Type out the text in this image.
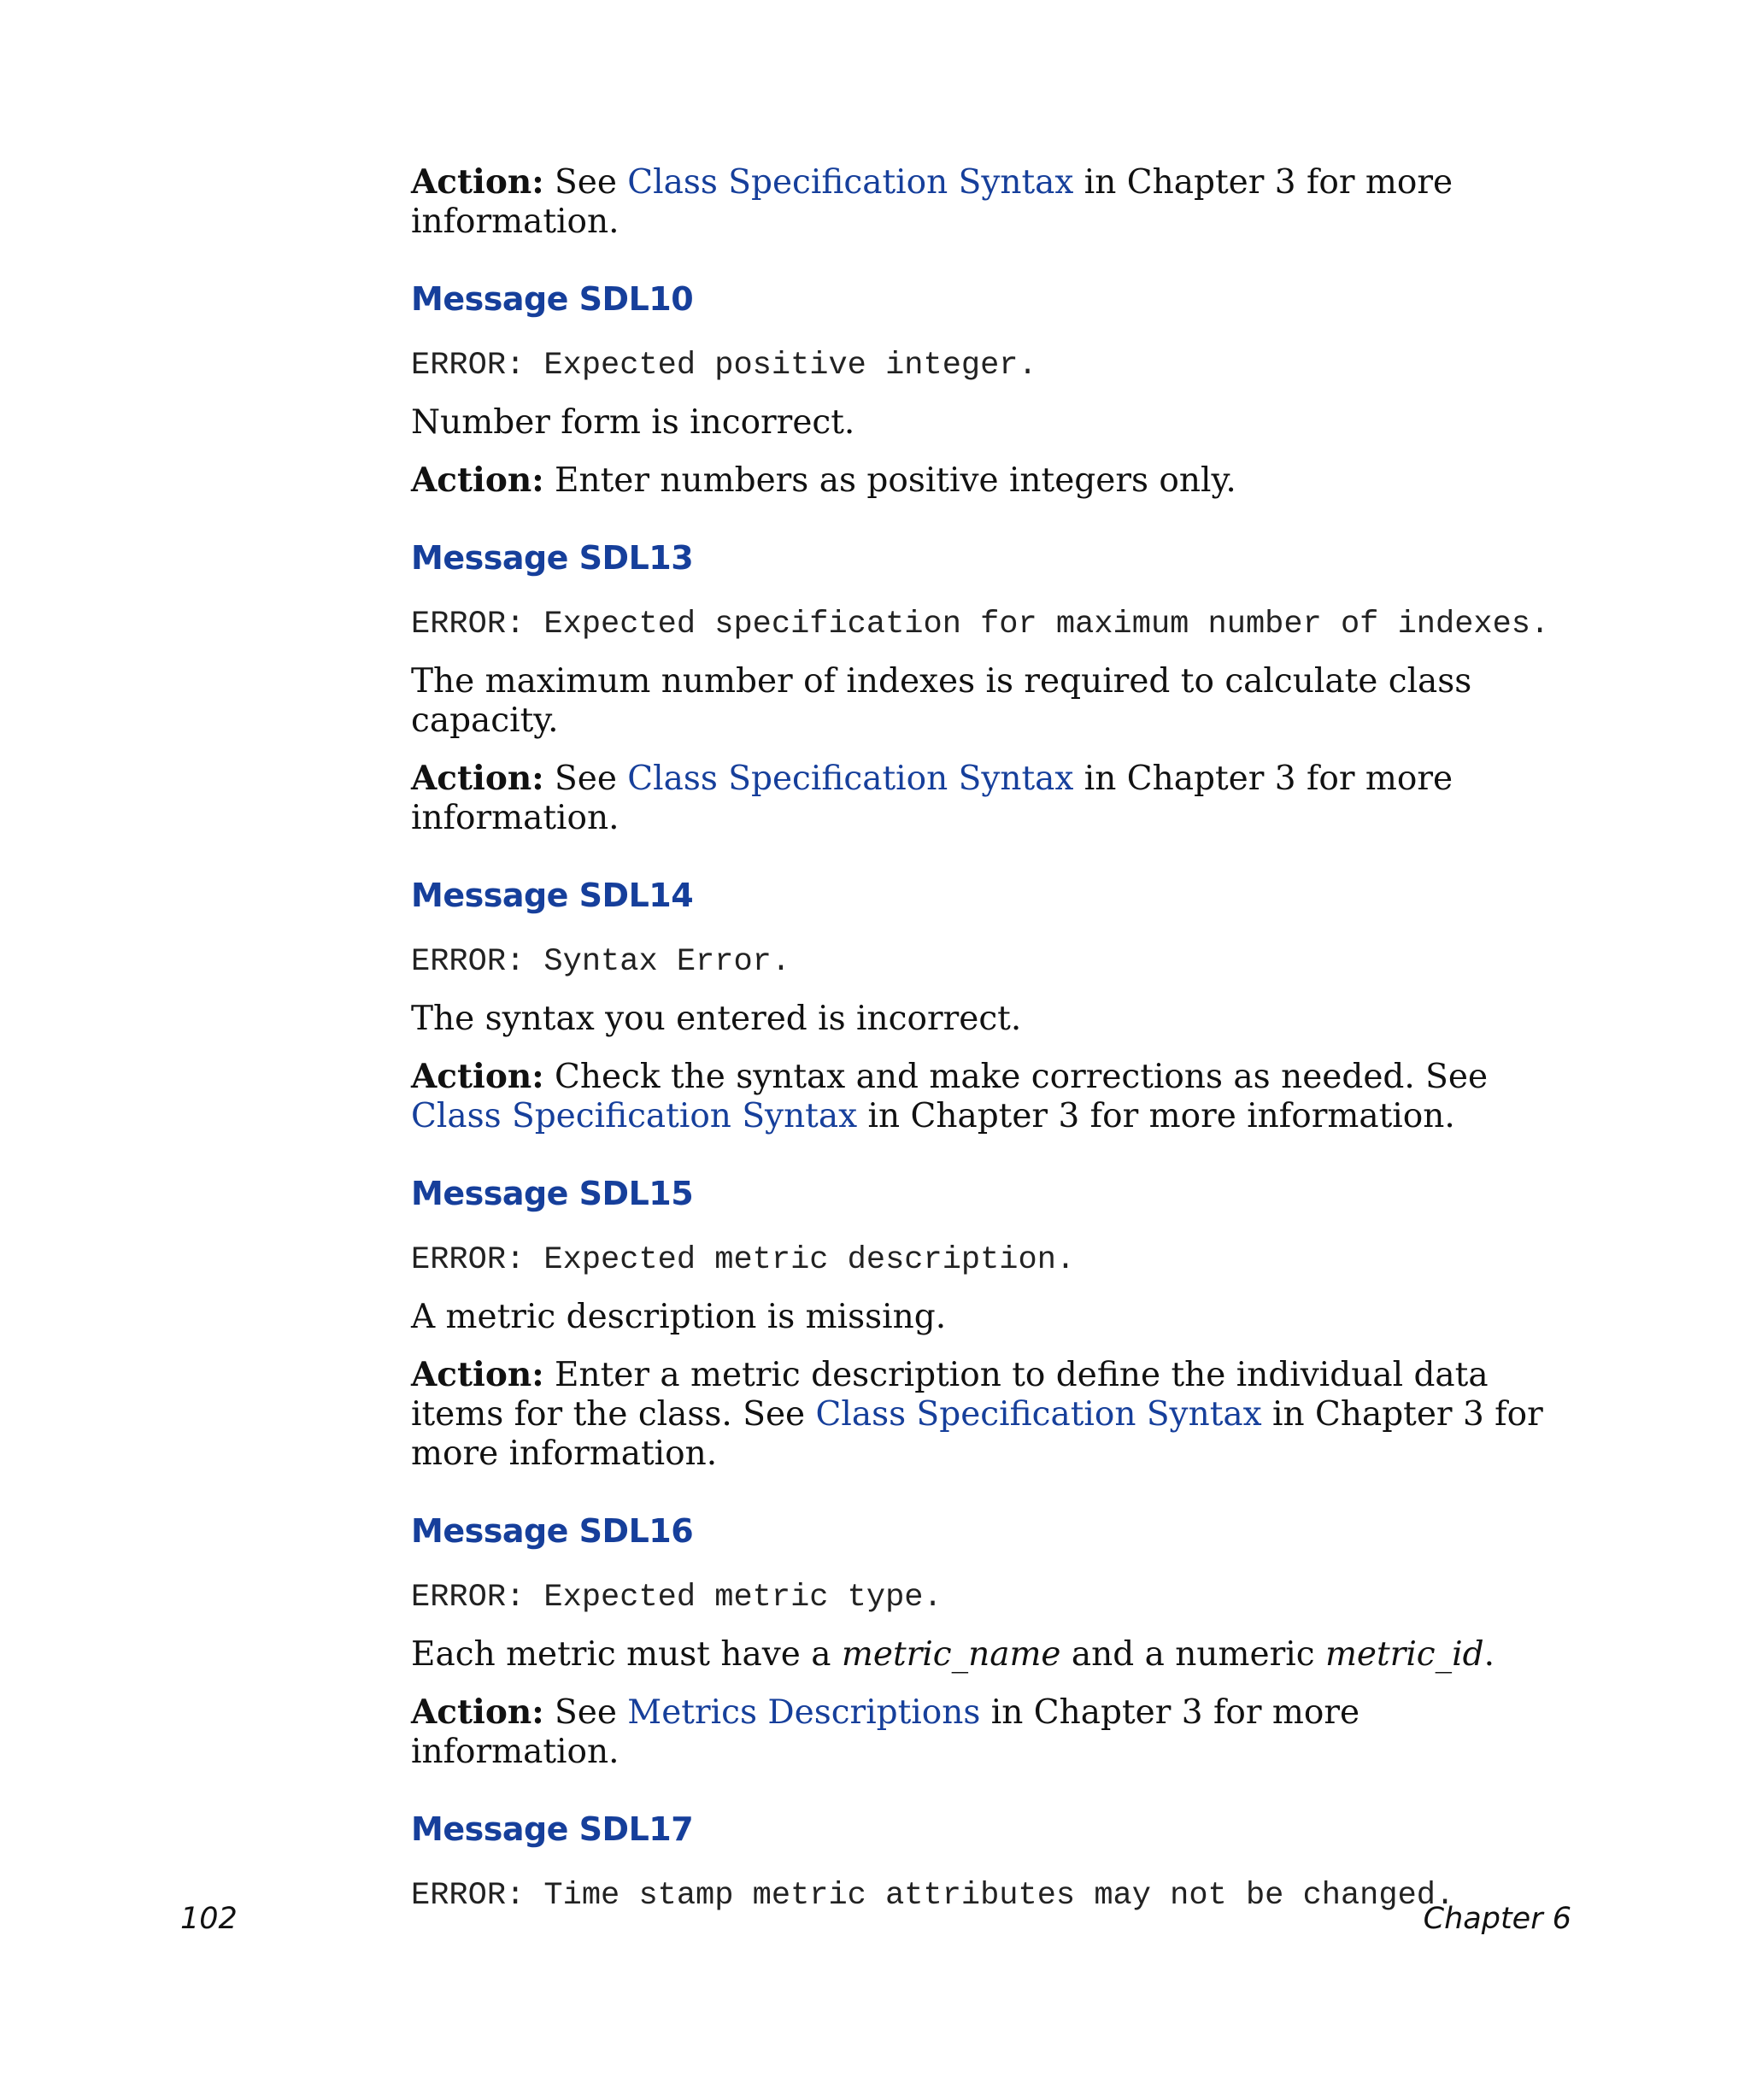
Action: See Class Specification Syntax in Chapter 3 for more information.

Message SDL10

ERROR: Expected positive integer.

Number form is incorrect.

Action: Enter numbers as positive integers only.

Message SDL13

ERROR: Expected specification for maximum number of indexes.

The maximum number of indexes is required to calculate class capacity.

Action: See Class Specification Syntax in Chapter 3 for more information.

Message SDL14

ERROR: Syntax Error.

The syntax you entered is incorrect.

Action: Check the syntax and make corrections as needed. See Class Specification Syntax in Chapter 3 for more information.

Message SDL15

ERROR: Expected metric description.

A metric description is missing.

Action: Enter a metric description to define the individual data items for the class. See Class Specification Syntax in Chapter 3 for more information.

Message SDL16

ERROR: Expected metric type.

Each metric must have a metric_name and a numeric metric_id.

Action: See Metrics Descriptions in Chapter 3 for more information.

Message SDL17

ERROR: Time stamp metric attributes may not be changed.

102	Chapter 6
